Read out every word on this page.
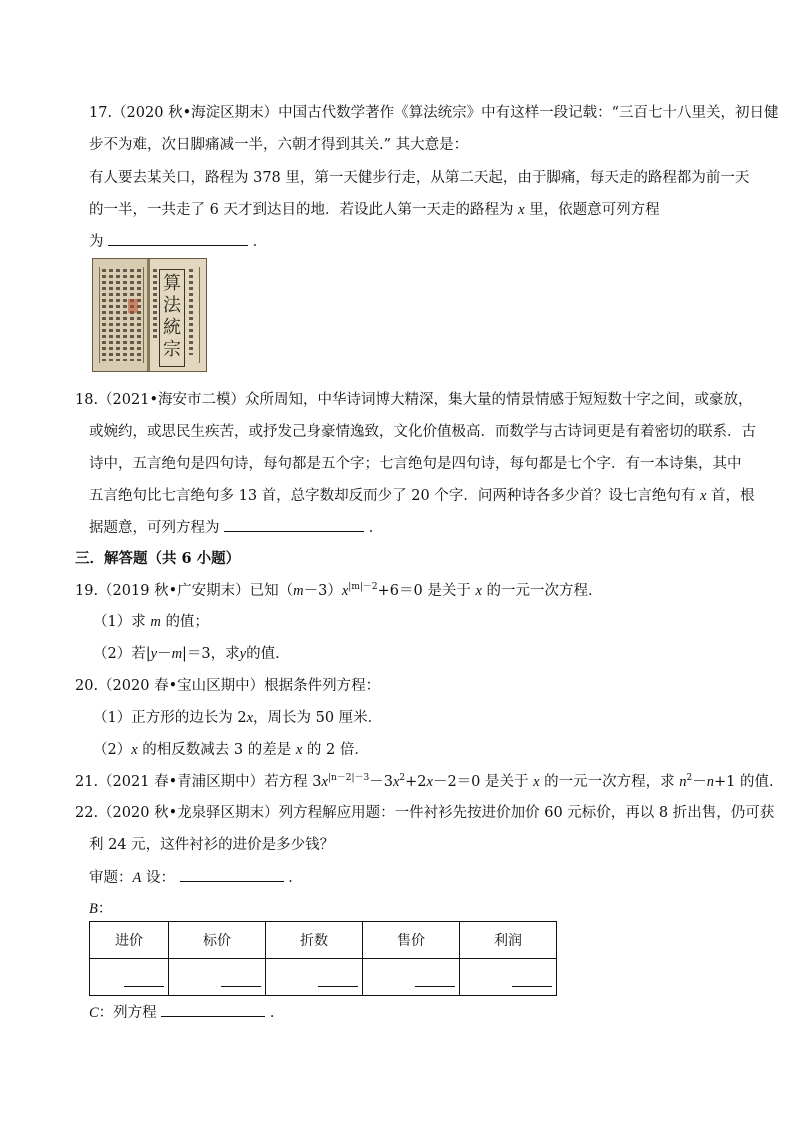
17.（2020 秋•海淀区期末）中国古代数学著作《算法统宗》中有这样一段记载：“三百七十八里关，初日健
步不为难，次日脚痛减一半，六朝才得到其关.” 其大意是：
有人要去某关口，路程为 378 里，第一天健步行走，从第二天起，由于脚痛，每天走的路程都为前一天
的一半，一共走了 6 天才到达目的地．若设此人第一天走的路程为 x 里，依题意可列方程
为	．
算法統宗
18.（2021•海安市二模）众所周知，中华诗词博大精深，集大量的情景情感于短短数十字之间，或豪放，
或婉约，或思民生疾苦，或抒发己身豪情逸致，文化价值极高．而数学与古诗词更是有着密切的联系．古
诗中，五言绝句是四句诗，每句都是五个字；七言绝句是四句诗，每句都是七个字．有一本诗集，其中
五言绝句比七言绝句多 13 首，总字数却反而少了 20 个字．问两种诗各多少首？设七言绝句有 x 首，根
据题意，可列方程为	．
三．解答题（共 6 小题）
19.（2019 秋•广安期末）已知$(m-3)x^{|m|-2}+6=0$ 是关于 x 的一元一次方程．
（1）求 m 的值；
（2）若|y－m|＝3，求y的值．
20.（2020 春•宝山区期中）根据条件列方程：
（1）正方形的边长为 2x，周长为 50 厘米．
（2）x 的相反数减去 3 的差是 x 的 2 倍．
21.（2021 春•青浦区期中）若方程 $3x^{|n-2|-3}-3x^2+2x-2=0$ 是关于 x 的一元一次方程，求 $n^2-n+1$ 的值．
22.（2020 秋•龙泉驿区期末）列方程解应用题：一件衬衫先按进价加价 60 元标价，再以 8 折出售，仍可获
利 24 元，这件衬衫的进价是多少钱？
审题：A 设：	．
B：
进价	标价	折数	售价	利润

C：列方程	．
